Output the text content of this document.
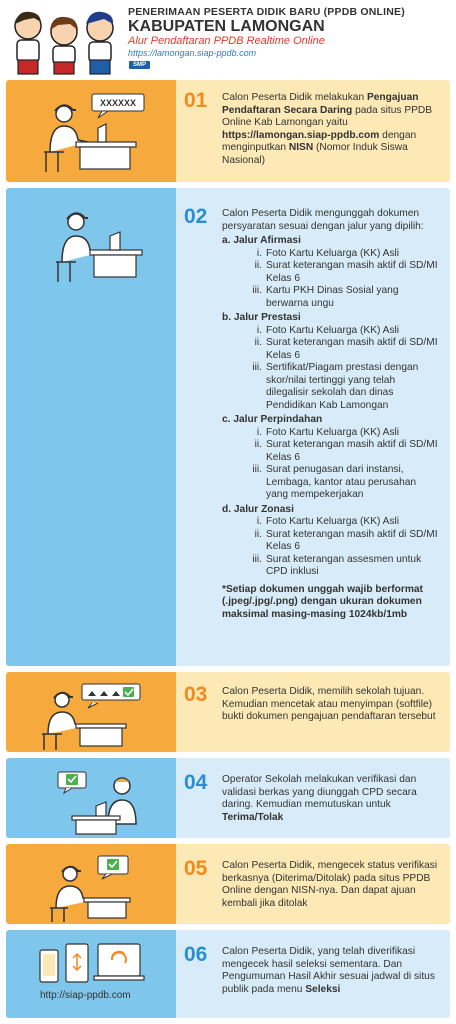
PENERIMAAN PESERTA DIDIK BARU (PPDB ONLINE)
KABUPATEN LAMONGAN
Alur Pendaftaran PPDB Realtime Online
https://lamongan.siap-ppdb.com
SMP
XXXXXX 01 Calon Peserta Didik melakukan Pengajuan Pendaftaran Secara Daring pada situs PPDB Online Kab Lamongan yaitu https://lamongan.siap-ppdb.com dengan menginputkan NISN (Nomor Induk Siswa Nasional)
02 Calon Peserta Didik mengunggah dokumen persyaratan sesuai dengan jalur yang dipilih:
a. Jalur Afirmasi
i. Foto Kartu Keluarga (KK) Asli
ii. Surat keterangan masih aktif di SD/MI Kelas 6
iii. Kartu PKH Dinas Sosial yang berwarna ungu
b. Jalur Prestasi
i. Foto Kartu Keluarga (KK) Asli
ii. Surat keterangan masih aktif di SD/MI Kelas 6
iii. Sertifikat/Piagam prestasi dengan skor/nilai tertinggi yang telah dilegalisir sekolah dan dinas Pendidikan Kab Lamongan
c. Jalur Perpindahan
i. Foto Kartu Keluarga (KK) Asli
ii. Surat keterangan masih aktif di SD/MI Kelas 6
iii. Surat penugasan dari instansi, Lembaga, kantor atau perusahan yang mempekerjakan
d. Jalur Zonasi
i. Foto Kartu Keluarga (KK) Asli
ii. Surat keterangan masih aktif di SD/MI Kelas 6
iii. Surat keterangan assesmen untuk CPD inklusi
*Setiap dokumen unggah wajib berformat (.jpeg/.jpg/.png) dengan ukuran dokumen maksimal masing-masing 1024kb/1mb
03 Calon Peserta Didik, memilih sekolah tujuan. Kemudian mencetak atau menyimpan (softfile) bukti dokumen pengajuan pendaftaran tersebut
04 Operator Sekolah melakukan verifikasi dan validasi berkas yang diunggah CPD secara daring. Kemudian memutuskan untuk Terima/Tolak
05 Calon Peserta Didik, mengecek status verifikasi berkasnya (Diterima/Ditolak) pada situs PPDB Online dengan NISN-nya. Dan dapat ajuan kembali jika ditolak
http://siap-ppdb.com
06 Calon Peserta Didik, yang telah diverifikasi mengecek hasil seleksi sementara. Dan Pengumuman Hasil Akhir sesuai jadwal di situs publik pada menu Seleksi
